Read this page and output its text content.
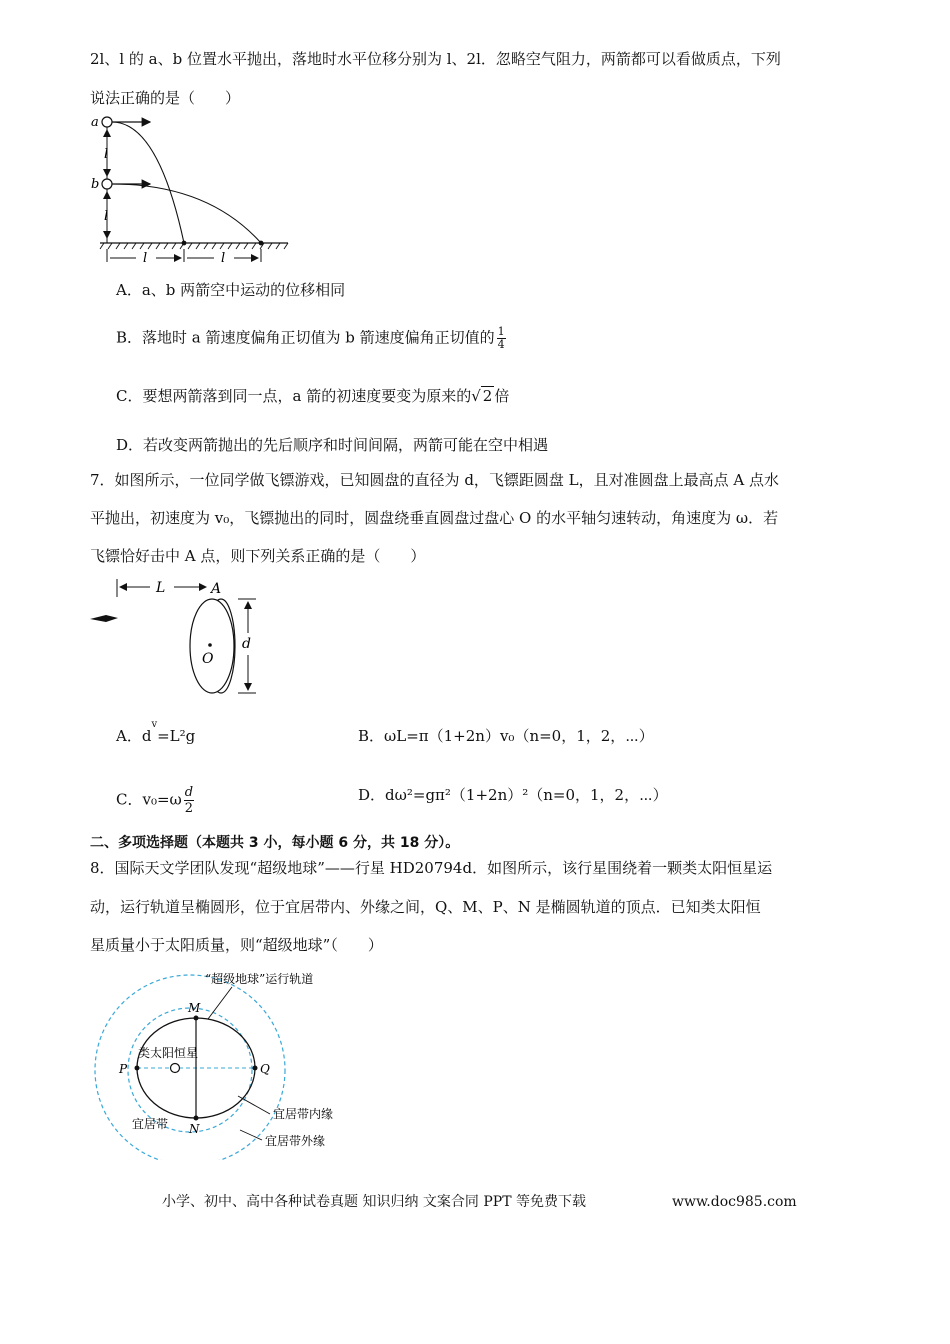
2l、l 的 a、b 位置水平抛出，落地时水平位移分别为 l、2l．忽略空气阻力，两箭都可以看做质点，下列
说法正确的是（　　）
a
b
l
l
l	l
A．a、b 两箭空中运动的位移相同
B．落地时 a 箭速度偏角正切值为 b 箭速度偏角正切值的 $\frac{1}{4}$
C．要想两箭落到同一点，a 箭的初速度要变为原来的√ 2 倍
D．若改变两箭抛出的先后顺序和时间间隔，两箭可能在空中相遇
7．如图所示，一位同学做飞镖游戏，已知圆盘的直径为 d，飞镖距圆盘 L，且对准圆盘上最高点 A 点水
平抛出，初速度为 v₀，飞镖抛出的同时，圆盘绕垂直圆盘过盘心 O 的水平轴匀速转动，角速度为 ω．若
飞镖恰好击中 A 点，则下列关系正确的是（　　）
L	A
O
d
A．$d^v=L^2g$	B．ωL=π（1+2n）v₀（n=0，1，2，⋯）
C．$v_0=\omega \frac{d}{2}$	D．dω²=gπ²（1+2n）²（n=0，1，2，⋯）
二、多项选择题（本题共 3 小，每小题 6 分，共 18 分）。
8．国际天文学团队发现“超级地球”——行星 HD20794d．如图所示，该行星围绕着一颗类太阳恒星运
动，运行轨道呈椭圆形，位于宜居带内、外缘之间，Q、M、P、N 是椭圆轨道的顶点．已知类太阳恒
星质量小于太阳质量，则“超级地球”（　　）
“超级地球”运行轨道
M
N
P	Q
类太阳恒星
宜居带内缘
宜居带外缘
宜居带
小学、初中、高中各种试卷真题 知识归纳 文案合同 PPT 等免费下载	www.doc985.com
